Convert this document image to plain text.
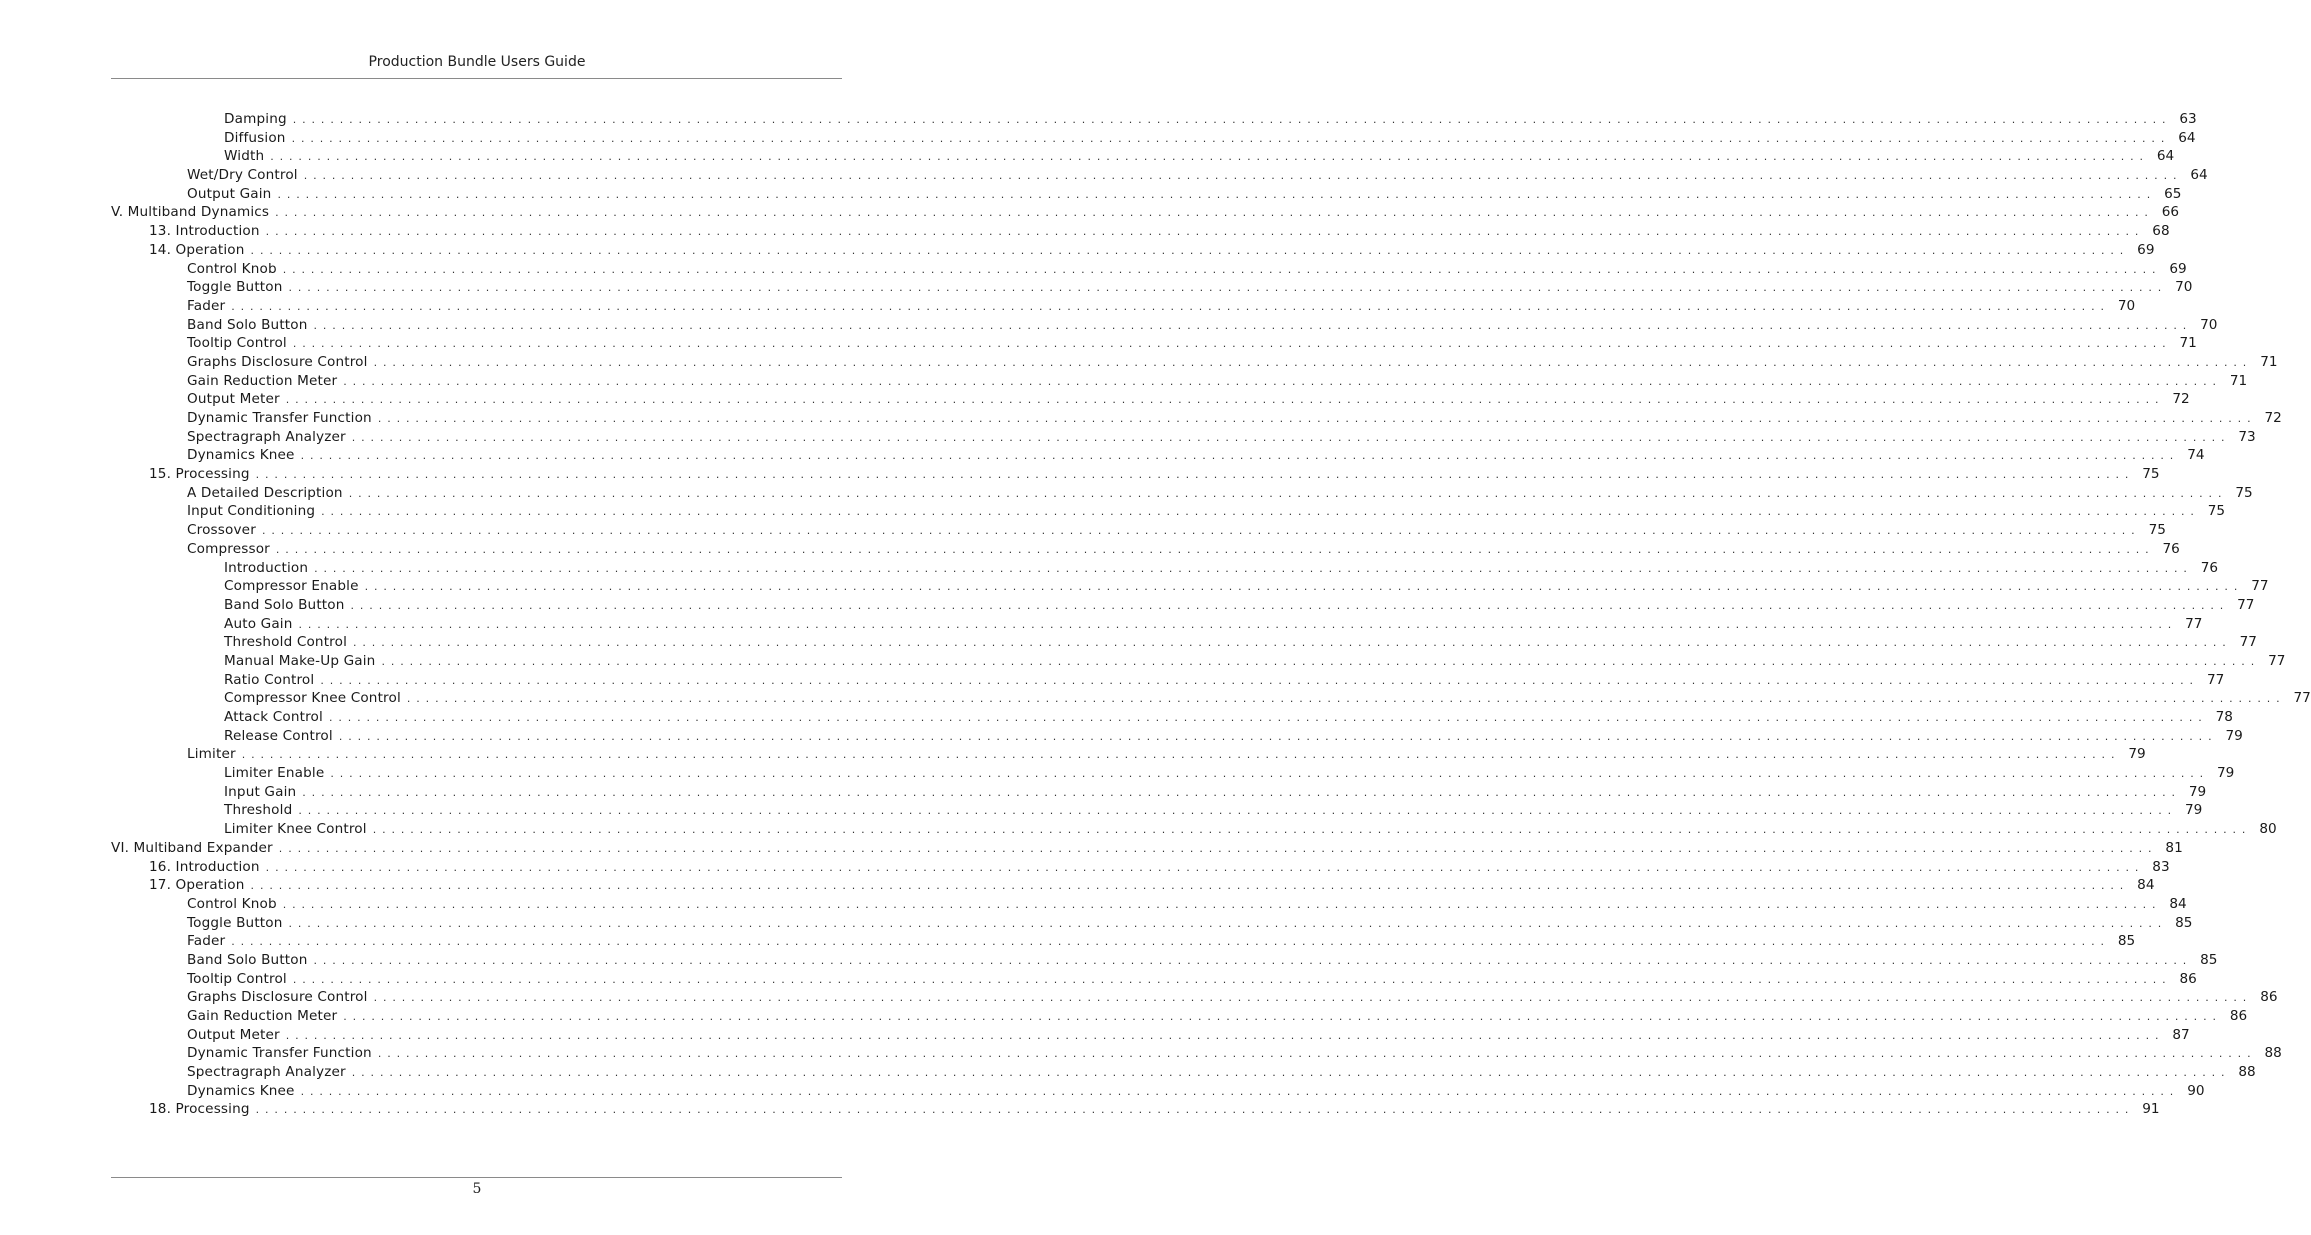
Production Bundle Users Guide
Damping . . . . . . . . . . . . . . . . . . . . . . . . . . . . . . . . . . . . . . . . . . . . . . . . . . . . . . . . . . . . . . . . . . . . . . . . . . . . . . . . . . . . . . . . . . . . . . . . . . . . . . . . . . . . . . . . . . . . . . . . . . . . . . . . . . . . . . . . . . . . . . . . . . . . . . . . . . . . . . . . . . . . . . . . . . . . . . . . . . . . . . . . . . . . . . . . . . . . . . . . 63
Diffusion . . . . . . . . . . . . . . . . . . . . . . . . . . . . . . . . . . . . . . . . . . . . . . . . . . . . . . . . . . . . . . . . . . . . . . . . . . . . . . . . . . . . . . . . . . . . . . . . . . . . . . . . . . . . . . . . . . . . . . . . . . . . . . . . . . . . . . . . . . . . . . . . . . . . . . . . . . . . . . . . . . . . . . . . . . . . . . . . . . . . . . . . . . . . . . . . . . . . . . . . 64
Width . . . . . . . . . . . . . . . . . . . . . . . . . . . . . . . . . . . . . . . . . . . . . . . . . . . . . . . . . . . . . . . . . . . . . . . . . . . . . . . . . . . . . . . . . . . . . . . . . . . . . . . . . . . . . . . . . . . . . . . . . . . . . . . . . . . . . . . . . . . . . . . . . . . . . . . . . . . . . . . . . . . . . . . . . . . . . . . . . . . . . . . . . . . . . . . . . . . . . . . . 64
Wet/Dry Control . . . . . . . . . . . . . . . . . . . . . . . . . . . . . . . . . . . . . . . . . . . . . . . . . . . . . . . . . . . . . . . . . . . . . . . . . . . . . . . . . . . . . . . . . . . . . . . . . . . . . . . . . . . . . . . . . . . . . . . . . . . . . . . . . . . . . . . . . . . . . . . . . . . . . . . . . . . . . . . . . . . . . . . . . . . . . . . . . . . . . . . . . . . . . . . . . . . . . . . . 64
Output Gain . . . . . . . . . . . . . . . . . . . . . . . . . . . . . . . . . . . . . . . . . . . . . . . . . . . . . . . . . . . . . . . . . . . . . . . . . . . . . . . . . . . . . . . . . . . . . . . . . . . . . . . . . . . . . . . . . . . . . . . . . . . . . . . . . . . . . . . . . . . . . . . . . . . . . . . . . . . . . . . . . . . . . . . . . . . . . . . . . . . . . . . . . . . . . . . . . . . . . . . . 65
V. Multiband Dynamics . . . . . . . . . . . . . . . . . . . . . . . . . . . . . . . . . . . . . . . . . . . . . . . . . . . . . . . . . . . . . . . . . . . . . . . . . . . . . . . . . . . . . . . . . . . . . . . . . . . . . . . . . . . . . . . . . . . . . . . . . . . . . . . . . . . . . . . . . . . . . . . . . . . . . . . . . . . . . . . . . . . . . . . . . . . . . . . . . . . . . . . . . . . . . . . . . . . . . . . . 66
13. Introduction . . . . . . . . . . . . . . . . . . . . . . . . . . . . . . . . . . . . . . . . . . . . . . . . . . . . . . . . . . . . . . . . . . . . . . . . . . . . . . . . . . . . . . . . . . . . . . . . . . . . . . . . . . . . . . . . . . . . . . . . . . . . . . . . . . . . . . . . . . . . . . . . . . . . . . . . . . . . . . . . . . . . . . . . . . . . . . . . . . . . . . . . . . . . . . . . . . . . . . . . 68
14. Operation . . . . . . . . . . . . . . . . . . . . . . . . . . . . . . . . . . . . . . . . . . . . . . . . . . . . . . . . . . . . . . . . . . . . . . . . . . . . . . . . . . . . . . . . . . . . . . . . . . . . . . . . . . . . . . . . . . . . . . . . . . . . . . . . . . . . . . . . . . . . . . . . . . . . . . . . . . . . . . . . . . . . . . . . . . . . . . . . . . . . . . . . . . . . . . . . . . . . . . . . 69
Control Knob . . . . . . . . . . . . . . . . . . . . . . . . . . . . . . . . . . . . . . . . . . . . . . . . . . . . . . . . . . . . . . . . . . . . . . . . . . . . . . . . . . . . . . . . . . . . . . . . . . . . . . . . . . . . . . . . . . . . . . . . . . . . . . . . . . . . . . . . . . . . . . . . . . . . . . . . . . . . . . . . . . . . . . . . . . . . . . . . . . . . . . . . . . . . . . . . . . . . . . . . 69
Toggle Button . . . . . . . . . . . . . . . . . . . . . . . . . . . . . . . . . . . . . . . . . . . . . . . . . . . . . . . . . . . . . . . . . . . . . . . . . . . . . . . . . . . . . . . . . . . . . . . . . . . . . . . . . . . . . . . . . . . . . . . . . . . . . . . . . . . . . . . . . . . . . . . . . . . . . . . . . . . . . . . . . . . . . . . . . . . . . . . . . . . . . . . . . . . . . . . . . . . . . . . . 70
Fader . . . . . . . . . . . . . . . . . . . . . . . . . . . . . . . . . . . . . . . . . . . . . . . . . . . . . . . . . . . . . . . . . . . . . . . . . . . . . . . . . . . . . . . . . . . . . . . . . . . . . . . . . . . . . . . . . . . . . . . . . . . . . . . . . . . . . . . . . . . . . . . . . . . . . . . . . . . . . . . . . . . . . . . . . . . . . . . . . . . . . . . . . . . . . . . . . . . . . . . . 70
Band Solo Button . . . . . . . . . . . . . . . . . . . . . . . . . . . . . . . . . . . . . . . . . . . . . . . . . . . . . . . . . . . . . . . . . . . . . . . . . . . . . . . . . . . . . . . . . . . . . . . . . . . . . . . . . . . . . . . . . . . . . . . . . . . . . . . . . . . . . . . . . . . . . . . . . . . . . . . . . . . . . . . . . . . . . . . . . . . . . . . . . . . . . . . . . . . . . . . . . . . . . . . . 70
Tooltip Control . . . . . . . . . . . . . . . . . . . . . . . . . . . . . . . . . . . . . . . . . . . . . . . . . . . . . . . . . . . . . . . . . . . . . . . . . . . . . . . . . . . . . . . . . . . . . . . . . . . . . . . . . . . . . . . . . . . . . . . . . . . . . . . . . . . . . . . . . . . . . . . . . . . . . . . . . . . . . . . . . . . . . . . . . . . . . . . . . . . . . . . . . . . . . . . . . . . . . . . . 71
Graphs Disclosure Control . . . . . . . . . . . . . . . . . . . . . . . . . . . . . . . . . . . . . . . . . . . . . . . . . . . . . . . . . . . . . . . . . . . . . . . . . . . . . . . . . . . . . . . . . . . . . . . . . . . . . . . . . . . . . . . . . . . . . . . . . . . . . . . . . . . . . . . . . . . . . . . . . . . . . . . . . . . . . . . . . . . . . . . . . . . . . . . . . . . . . . . . . . . . . . . . . . . . . . . . 71
Gain Reduction Meter . . . . . . . . . . . . . . . . . . . . . . . . . . . . . . . . . . . . . . . . . . . . . . . . . . . . . . . . . . . . . . . . . . . . . . . . . . . . . . . . . . . . . . . . . . . . . . . . . . . . . . . . . . . . . . . . . . . . . . . . . . . . . . . . . . . . . . . . . . . . . . . . . . . . . . . . . . . . . . . . . . . . . . . . . . . . . . . . . . . . . . . . . . . . . . . . . . . . . . . . 71
Output Meter . . . . . . . . . . . . . . . . . . . . . . . . . . . . . . . . . . . . . . . . . . . . . . . . . . . . . . . . . . . . . . . . . . . . . . . . . . . . . . . . . . . . . . . . . . . . . . . . . . . . . . . . . . . . . . . . . . . . . . . . . . . . . . . . . . . . . . . . . . . . . . . . . . . . . . . . . . . . . . . . . . . . . . . . . . . . . . . . . . . . . . . . . . . . . . . . . . . . . . . . 72
Dynamic Transfer Function . . . . . . . . . . . . . . . . . . . . . . . . . . . . . . . . . . . . . . . . . . . . . . . . . . . . . . . . . . . . . . . . . . . . . . . . . . . . . . . . . . . . . . . . . . . . . . . . . . . . . . . . . . . . . . . . . . . . . . . . . . . . . . . . . . . . . . . . . . . . . . . . . . . . . . . . . . . . . . . . . . . . . . . . . . . . . . . . . . . . . . . . . . . . . . . . . . . . . . . . 72
Spectragraph Analyzer . . . . . . . . . . . . . . . . . . . . . . . . . . . . . . . . . . . . . . . . . . . . . . . . . . . . . . . . . . . . . . . . . . . . . . . . . . . . . . . . . . . . . . . . . . . . . . . . . . . . . . . . . . . . . . . . . . . . . . . . . . . . . . . . . . . . . . . . . . . . . . . . . . . . . . . . . . . . . . . . . . . . . . . . . . . . . . . . . . . . . . . . . . . . . . . . . . . . . . . . 73
Dynamics Knee . . . . . . . . . . . . . . . . . . . . . . . . . . . . . . . . . . . . . . . . . . . . . . . . . . . . . . . . . . . . . . . . . . . . . . . . . . . . . . . . . . . . . . . . . . . . . . . . . . . . . . . . . . . . . . . . . . . . . . . . . . . . . . . . . . . . . . . . . . . . . . . . . . . . . . . . . . . . . . . . . . . . . . . . . . . . . . . . . . . . . . . . . . . . . . . . . . . . . . . . 74
15. Processing . . . . . . . . . . . . . . . . . . . . . . . . . . . . . . . . . . . . . . . . . . . . . . . . . . . . . . . . . . . . . . . . . . . . . . . . . . . . . . . . . . . . . . . . . . . . . . . . . . . . . . . . . . . . . . . . . . . . . . . . . . . . . . . . . . . . . . . . . . . . . . . . . . . . . . . . . . . . . . . . . . . . . . . . . . . . . . . . . . . . . . . . . . . . . . . . . . . . . . . . 75
A Detailed Description . . . . . . . . . . . . . . . . . . . . . . . . . . . . . . . . . . . . . . . . . . . . . . . . . . . . . . . . . . . . . . . . . . . . . . . . . . . . . . . . . . . . . . . . . . . . . . . . . . . . . . . . . . . . . . . . . . . . . . . . . . . . . . . . . . . . . . . . . . . . . . . . . . . . . . . . . . . . . . . . . . . . . . . . . . . . . . . . . . . . . . . . . . . . . . . . . . . . . . . . 75
Input Conditioning . . . . . . . . . . . . . . . . . . . . . . . . . . . . . . . . . . . . . . . . . . . . . . . . . . . . . . . . . . . . . . . . . . . . . . . . . . . . . . . . . . . . . . . . . . . . . . . . . . . . . . . . . . . . . . . . . . . . . . . . . . . . . . . . . . . . . . . . . . . . . . . . . . . . . . . . . . . . . . . . . . . . . . . . . . . . . . . . . . . . . . . . . . . . . . . . . . . . . . . . 75
Crossover . . . . . . . . . . . . . . . . . . . . . . . . . . . . . . . . . . . . . . . . . . . . . . . . . . . . . . . . . . . . . . . . . . . . . . . . . . . . . . . . . . . . . . . . . . . . . . . . . . . . . . . . . . . . . . . . . . . . . . . . . . . . . . . . . . . . . . . . . . . . . . . . . . . . . . . . . . . . . . . . . . . . . . . . . . . . . . . . . . . . . . . . . . . . . . . . . . . . . . . . 75
Compressor . . . . . . . . . . . . . . . . . . . . . . . . . . . . . . . . . . . . . . . . . . . . . . . . . . . . . . . . . . . . . . . . . . . . . . . . . . . . . . . . . . . . . . . . . . . . . . . . . . . . . . . . . . . . . . . . . . . . . . . . . . . . . . . . . . . . . . . . . . . . . . . . . . . . . . . . . . . . . . . . . . . . . . . . . . . . . . . . . . . . . . . . . . . . . . . . . . . . . . . . 76
Introduction . . . . . . . . . . . . . . . . . . . . . . . . . . . . . . . . . . . . . . . . . . . . . . . . . . . . . . . . . . . . . . . . . . . . . . . . . . . . . . . . . . . . . . . . . . . . . . . . . . . . . . . . . . . . . . . . . . . . . . . . . . . . . . . . . . . . . . . . . . . . . . . . . . . . . . . . . . . . . . . . . . . . . . . . . . . . . . . . . . . . . . . . . . . . . . . . . . . . . . . . 76
Compressor Enable . . . . . . . . . . . . . . . . . . . . . . . . . . . . . . . . . . . . . . . . . . . . . . . . . . . . . . . . . . . . . . . . . . . . . . . . . . . . . . . . . . . . . . . . . . . . . . . . . . . . . . . . . . . . . . . . . . . . . . . . . . . . . . . . . . . . . . . . . . . . . . . . . . . . . . . . . . . . . . . . . . . . . . . . . . . . . . . . . . . . . . . . . . . . . . . . . . . . . . . . 77
Band Solo Button . . . . . . . . . . . . . . . . . . . . . . . . . . . . . . . . . . . . . . . . . . . . . . . . . . . . . . . . . . . . . . . . . . . . . . . . . . . . . . . . . . . . . . . . . . . . . . . . . . . . . . . . . . . . . . . . . . . . . . . . . . . . . . . . . . . . . . . . . . . . . . . . . . . . . . . . . . . . . . . . . . . . . . . . . . . . . . . . . . . . . . . . . . . . . . . . . . . . . . . . 77
Auto Gain . . . . . . . . . . . . . . . . . . . . . . . . . . . . . . . . . . . . . . . . . . . . . . . . . . . . . . . . . . . . . . . . . . . . . . . . . . . . . . . . . . . . . . . . . . . . . . . . . . . . . . . . . . . . . . . . . . . . . . . . . . . . . . . . . . . . . . . . . . . . . . . . . . . . . . . . . . . . . . . . . . . . . . . . . . . . . . . . . . . . . . . . . . . . . . . . . . . . . . . . 77
Threshold Control . . . . . . . . . . . . . . . . . . . . . . . . . . . . . . . . . . . . . . . . . . . . . . . . . . . . . . . . . . . . . . . . . . . . . . . . . . . . . . . . . . . . . . . . . . . . . . . . . . . . . . . . . . . . . . . . . . . . . . . . . . . . . . . . . . . . . . . . . . . . . . . . . . . . . . . . . . . . . . . . . . . . . . . . . . . . . . . . . . . . . . . . . . . . . . . . . . . . . . . . 77
Manual Make-Up Gain . . . . . . . . . . . . . . . . . . . . . . . . . . . . . . . . . . . . . . . . . . . . . . . . . . . . . . . . . . . . . . . . . . . . . . . . . . . . . . . . . . . . . . . . . . . . . . . . . . . . . . . . . . . . . . . . . . . . . . . . . . . . . . . . . . . . . . . . . . . . . . . . . . . . . . . . . . . . . . . . . . . . . . . . . . . . . . . . . . . . . . . . . . . . . . . . . . . . . . . . 77
Ratio Control . . . . . . . . . . . . . . . . . . . . . . . . . . . . . . . . . . . . . . . . . . . . . . . . . . . . . . . . . . . . . . . . . . . . . . . . . . . . . . . . . . . . . . . . . . . . . . . . . . . . . . . . . . . . . . . . . . . . . . . . . . . . . . . . . . . . . . . . . . . . . . . . . . . . . . . . . . . . . . . . . . . . . . . . . . . . . . . . . . . . . . . . . . . . . . . . . . . . . . . . 77
Compressor Knee Control . . . . . . . . . . . . . . . . . . . . . . . . . . . . . . . . . . . . . . . . . . . . . . . . . . . . . . . . . . . . . . . . . . . . . . . . . . . . . . . . . . . . . . . . . . . . . . . . . . . . . . . . . . . . . . . . . . . . . . . . . . . . . . . . . . . . . . . . . . . . . . . . . . . . . . . . . . . . . . . . . . . . . . . . . . . . . . . . . . . . . . . . . . . . . . . . . . . . . . . . 77
Attack Control . . . . . . . . . . . . . . . . . . . . . . . . . . . . . . . . . . . . . . . . . . . . . . . . . . . . . . . . . . . . . . . . . . . . . . . . . . . . . . . . . . . . . . . . . . . . . . . . . . . . . . . . . . . . . . . . . . . . . . . . . . . . . . . . . . . . . . . . . . . . . . . . . . . . . . . . . . . . . . . . . . . . . . . . . . . . . . . . . . . . . . . . . . . . . . . . . . . . . . . . 78
Release Control . . . . . . . . . . . . . . . . . . . . . . . . . . . . . . . . . . . . . . . . . . . . . . . . . . . . . . . . . . . . . . . . . . . . . . . . . . . . . . . . . . . . . . . . . . . . . . . . . . . . . . . . . . . . . . . . . . . . . . . . . . . . . . . . . . . . . . . . . . . . . . . . . . . . . . . . . . . . . . . . . . . . . . . . . . . . . . . . . . . . . . . . . . . . . . . . . . . . . . . . 79
Limiter . . . . . . . . . . . . . . . . . . . . . . . . . . . . . . . . . . . . . . . . . . . . . . . . . . . . . . . . . . . . . . . . . . . . . . . . . . . . . . . . . . . . . . . . . . . . . . . . . . . . . . . . . . . . . . . . . . . . . . . . . . . . . . . . . . . . . . . . . . . . . . . . . . . . . . . . . . . . . . . . . . . . . . . . . . . . . . . . . . . . . . . . . . . . . . . . . . . . . . . . 79
Limiter Enable . . . . . . . . . . . . . . . . . . . . . . . . . . . . . . . . . . . . . . . . . . . . . . . . . . . . . . . . . . . . . . . . . . . . . . . . . . . . . . . . . . . . . . . . . . . . . . . . . . . . . . . . . . . . . . . . . . . . . . . . . . . . . . . . . . . . . . . . . . . . . . . . . . . . . . . . . . . . . . . . . . . . . . . . . . . . . . . . . . . . . . . . . . . . . . . . . . . . . . . . 79
Input Gain . . . . . . . . . . . . . . . . . . . . . . . . . . . . . . . . . . . . . . . . . . . . . . . . . . . . . . . . . . . . . . . . . . . . . . . . . . . . . . . . . . . . . . . . . . . . . . . . . . . . . . . . . . . . . . . . . . . . . . . . . . . . . . . . . . . . . . . . . . . . . . . . . . . . . . . . . . . . . . . . . . . . . . . . . . . . . . . . . . . . . . . . . . . . . . . . . . . . . . . . 79
Threshold . . . . . . . . . . . . . . . . . . . . . . . . . . . . . . . . . . . . . . . . . . . . . . . . . . . . . . . . . . . . . . . . . . . . . . . . . . . . . . . . . . . . . . . . . . . . . . . . . . . . . . . . . . . . . . . . . . . . . . . . . . . . . . . . . . . . . . . . . . . . . . . . . . . . . . . . . . . . . . . . . . . . . . . . . . . . . . . . . . . . . . . . . . . . . . . . . . . . . . . . 79
Limiter Knee Control . . . . . . . . . . . . . . . . . . . . . . . . . . . . . . . . . . . . . . . . . . . . . . . . . . . . . . . . . . . . . . . . . . . . . . . . . . . . . . . . . . . . . . . . . . . . . . . . . . . . . . . . . . . . . . . . . . . . . . . . . . . . . . . . . . . . . . . . . . . . . . . . . . . . . . . . . . . . . . . . . . . . . . . . . . . . . . . . . . . . . . . . . . . . . . . . . . . . . . . . 80
VI. Multiband Expander . . . . . . . . . . . . . . . . . . . . . . . . . . . . . . . . . . . . . . . . . . . . . . . . . . . . . . . . . . . . . . . . . . . . . . . . . . . . . . . . . . . . . . . . . . . . . . . . . . . . . . . . . . . . . . . . . . . . . . . . . . . . . . . . . . . . . . . . . . . . . . . . . . . . . . . . . . . . . . . . . . . . . . . . . . . . . . . . . . . . . . . . . . . . . . . . . . . . . . . . 81
16. Introduction . . . . . . . . . . . . . . . . . . . . . . . . . . . . . . . . . . . . . . . . . . . . . . . . . . . . . . . . . . . . . . . . . . . . . . . . . . . . . . . . . . . . . . . . . . . . . . . . . . . . . . . . . . . . . . . . . . . . . . . . . . . . . . . . . . . . . . . . . . . . . . . . . . . . . . . . . . . . . . . . . . . . . . . . . . . . . . . . . . . . . . . . . . . . . . . . . . . . . . . . 83
17. Operation . . . . . . . . . . . . . . . . . . . . . . . . . . . . . . . . . . . . . . . . . . . . . . . . . . . . . . . . . . . . . . . . . . . . . . . . . . . . . . . . . . . . . . . . . . . . . . . . . . . . . . . . . . . . . . . . . . . . . . . . . . . . . . . . . . . . . . . . . . . . . . . . . . . . . . . . . . . . . . . . . . . . . . . . . . . . . . . . . . . . . . . . . . . . . . . . . . . . . . . . 84
Control Knob . . . . . . . . . . . . . . . . . . . . . . . . . . . . . . . . . . . . . . . . . . . . . . . . . . . . . . . . . . . . . . . . . . . . . . . . . . . . . . . . . . . . . . . . . . . . . . . . . . . . . . . . . . . . . . . . . . . . . . . . . . . . . . . . . . . . . . . . . . . . . . . . . . . . . . . . . . . . . . . . . . . . . . . . . . . . . . . . . . . . . . . . . . . . . . . . . . . . . . . . 84
Toggle Button . . . . . . . . . . . . . . . . . . . . . . . . . . . . . . . . . . . . . . . . . . . . . . . . . . . . . . . . . . . . . . . . . . . . . . . . . . . . . . . . . . . . . . . . . . . . . . . . . . . . . . . . . . . . . . . . . . . . . . . . . . . . . . . . . . . . . . . . . . . . . . . . . . . . . . . . . . . . . . . . . . . . . . . . . . . . . . . . . . . . . . . . . . . . . . . . . . . . . . . . 85
Fader . . . . . . . . . . . . . . . . . . . . . . . . . . . . . . . . . . . . . . . . . . . . . . . . . . . . . . . . . . . . . . . . . . . . . . . . . . . . . . . . . . . . . . . . . . . . . . . . . . . . . . . . . . . . . . . . . . . . . . . . . . . . . . . . . . . . . . . . . . . . . . . . . . . . . . . . . . . . . . . . . . . . . . . . . . . . . . . . . . . . . . . . . . . . . . . . . . . . . . . . 85
Band Solo Button . . . . . . . . . . . . . . . . . . . . . . . . . . . . . . . . . . . . . . . . . . . . . . . . . . . . . . . . . . . . . . . . . . . . . . . . . . . . . . . . . . . . . . . . . . . . . . . . . . . . . . . . . . . . . . . . . . . . . . . . . . . . . . . . . . . . . . . . . . . . . . . . . . . . . . . . . . . . . . . . . . . . . . . . . . . . . . . . . . . . . . . . . . . . . . . . . . . . . . . . 85
Tooltip Control . . . . . . . . . . . . . . . . . . . . . . . . . . . . . . . . . . . . . . . . . . . . . . . . . . . . . . . . . . . . . . . . . . . . . . . . . . . . . . . . . . . . . . . . . . . . . . . . . . . . . . . . . . . . . . . . . . . . . . . . . . . . . . . . . . . . . . . . . . . . . . . . . . . . . . . . . . . . . . . . . . . . . . . . . . . . . . . . . . . . . . . . . . . . . . . . . . . . . . . . 86
Graphs Disclosure Control . . . . . . . . . . . . . . . . . . . . . . . . . . . . . . . . . . . . . . . . . . . . . . . . . . . . . . . . . . . . . . . . . . . . . . . . . . . . . . . . . . . . . . . . . . . . . . . . . . . . . . . . . . . . . . . . . . . . . . . . . . . . . . . . . . . . . . . . . . . . . . . . . . . . . . . . . . . . . . . . . . . . . . . . . . . . . . . . . . . . . . . . . . . . . . . . . . . . . . . . 86
Gain Reduction Meter . . . . . . . . . . . . . . . . . . . . . . . . . . . . . . . . . . . . . . . . . . . . . . . . . . . . . . . . . . . . . . . . . . . . . . . . . . . . . . . . . . . . . . . . . . . . . . . . . . . . . . . . . . . . . . . . . . . . . . . . . . . . . . . . . . . . . . . . . . . . . . . . . . . . . . . . . . . . . . . . . . . . . . . . . . . . . . . . . . . . . . . . . . . . . . . . . . . . . . . . 86
Output Meter . . . . . . . . . . . . . . . . . . . . . . . . . . . . . . . . . . . . . . . . . . . . . . . . . . . . . . . . . . . . . . . . . . . . . . . . . . . . . . . . . . . . . . . . . . . . . . . . . . . . . . . . . . . . . . . . . . . . . . . . . . . . . . . . . . . . . . . . . . . . . . . . . . . . . . . . . . . . . . . . . . . . . . . . . . . . . . . . . . . . . . . . . . . . . . . . . . . . . . . . 87
Dynamic Transfer Function . . . . . . . . . . . . . . . . . . . . . . . . . . . . . . . . . . . . . . . . . . . . . . . . . . . . . . . . . . . . . . . . . . . . . . . . . . . . . . . . . . . . . . . . . . . . . . . . . . . . . . . . . . . . . . . . . . . . . . . . . . . . . . . . . . . . . . . . . . . . . . . . . . . . . . . . . . . . . . . . . . . . . . . . . . . . . . . . . . . . . . . . . . . . . . . . . . . . . . . . 88
Spectragraph Analyzer . . . . . . . . . . . . . . . . . . . . . . . . . . . . . . . . . . . . . . . . . . . . . . . . . . . . . . . . . . . . . . . . . . . . . . . . . . . . . . . . . . . . . . . . . . . . . . . . . . . . . . . . . . . . . . . . . . . . . . . . . . . . . . . . . . . . . . . . . . . . . . . . . . . . . . . . . . . . . . . . . . . . . . . . . . . . . . . . . . . . . . . . . . . . . . . . . . . . . . . . 88
Dynamics Knee . . . . . . . . . . . . . . . . . . . . . . . . . . . . . . . . . . . . . . . . . . . . . . . . . . . . . . . . . . . . . . . . . . . . . . . . . . . . . . . . . . . . . . . . . . . . . . . . . . . . . . . . . . . . . . . . . . . . . . . . . . . . . . . . . . . . . . . . . . . . . . . . . . . . . . . . . . . . . . . . . . . . . . . . . . . . . . . . . . . . . . . . . . . . . . . . . . . . . . . . 90
18. Processing . . . . . . . . . . . . . . . . . . . . . . . . . . . . . . . . . . . . . . . . . . . . . . . . . . . . . . . . . . . . . . . . . . . . . . . . . . . . . . . . . . . . . . . . . . . . . . . . . . . . . . . . . . . . . . . . . . . . . . . . . . . . . . . . . . . . . . . . . . . . . . . . . . . . . . . . . . . . . . . . . . . . . . . . . . . . . . . . . . . . . . . . . . . . . . . . . . . . . . . . 91
5
